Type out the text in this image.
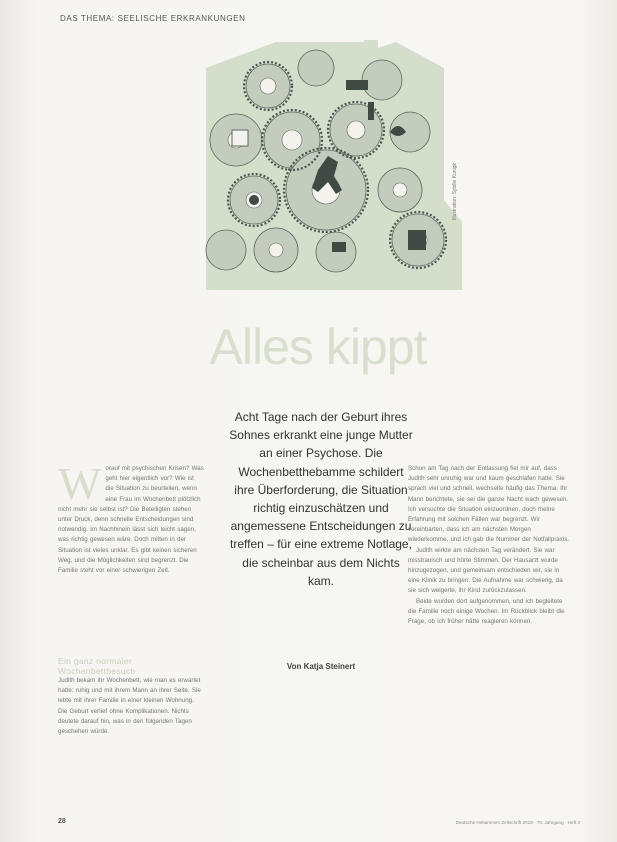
DAS THEMA: SEELISCHE ERKRANKUNGEN
Illustration: Sybille Kunigk
Alles kippt
Acht Tage nach der Geburt ihres Sohnes erkrankt eine junge Mutter an einer Psychose. Die Wochenbetthebamme schildert ihre Überforderung, die Situation richtig einzuschätzen und angemessene Entscheidungen zu treffen – für eine extreme Notlage, die scheinbar aus dem Nichts kam.
Von Katja Steinert
W orauf mit psychischen Krisen? Was geht hier eigentlich vor? Wie ist die Situation zu beurteilen, wenn eine Frau im Wochenbett plötzlich nicht mehr sie selbst ist? Die Beteiligten stehen unter Druck, denn schnelle Entscheidungen sind notwendig. Im Nachhinein lässt sich leicht sagen, was richtig gewesen wäre. Doch mitten in der Situation ist vieles unklar. Es gibt keinen sicheren Weg, und die Möglichkeiten sind begrenzt. Die Familie steht vor einer schwierigen Zeit.

Ein ganz normaler Wochenbettbesuch

Judith bekam ihr Wochenbett, wie man es erwartet hatte: ruhig und mit ihrem Mann an ihrer Seite. Sie lebte mit ihrer Familie in einer kleinen Wohnung. Die Geburt verlief ohne Komplikationen. Nichts deutete darauf hin, was in den folgenden Tagen geschehen würde.

Schon am Tag nach der Entlassung fiel mir auf, dass Judith sehr unruhig war und kaum geschlafen hatte. Sie sprach viel und schnell, wechselte häufig das Thema. Ihr Mann berichtete, sie sei die ganze Nacht wach gewesen. Ich versuchte die Situation einzuordnen, doch meine Erfahrung mit solchen Fällen war begrenzt. Wir vereinbarten, dass ich am nächsten Morgen wiederkomme, und ich gab die Nummer der Notfallpraxis.

Judith wirkte am nächsten Tag verändert. Sie war misstrauisch und hörte Stimmen. Der Hausarzt wurde hinzugezogen, und gemeinsam entschieden wir, sie in eine Klinik zu bringen. Die Aufnahme war schwierig, da sie sich weigerte, ihr Kind zurückzulassen.

Beide wurden dort aufgenommen, und ich begleitete die Familie noch einige Wochen. Im Rückblick bleibt die Frage, ob ich früher hätte reagieren können.

28	Deutsche Hebammen Zeitschrift 2018 · 70. Jahrgang · Heft 3
